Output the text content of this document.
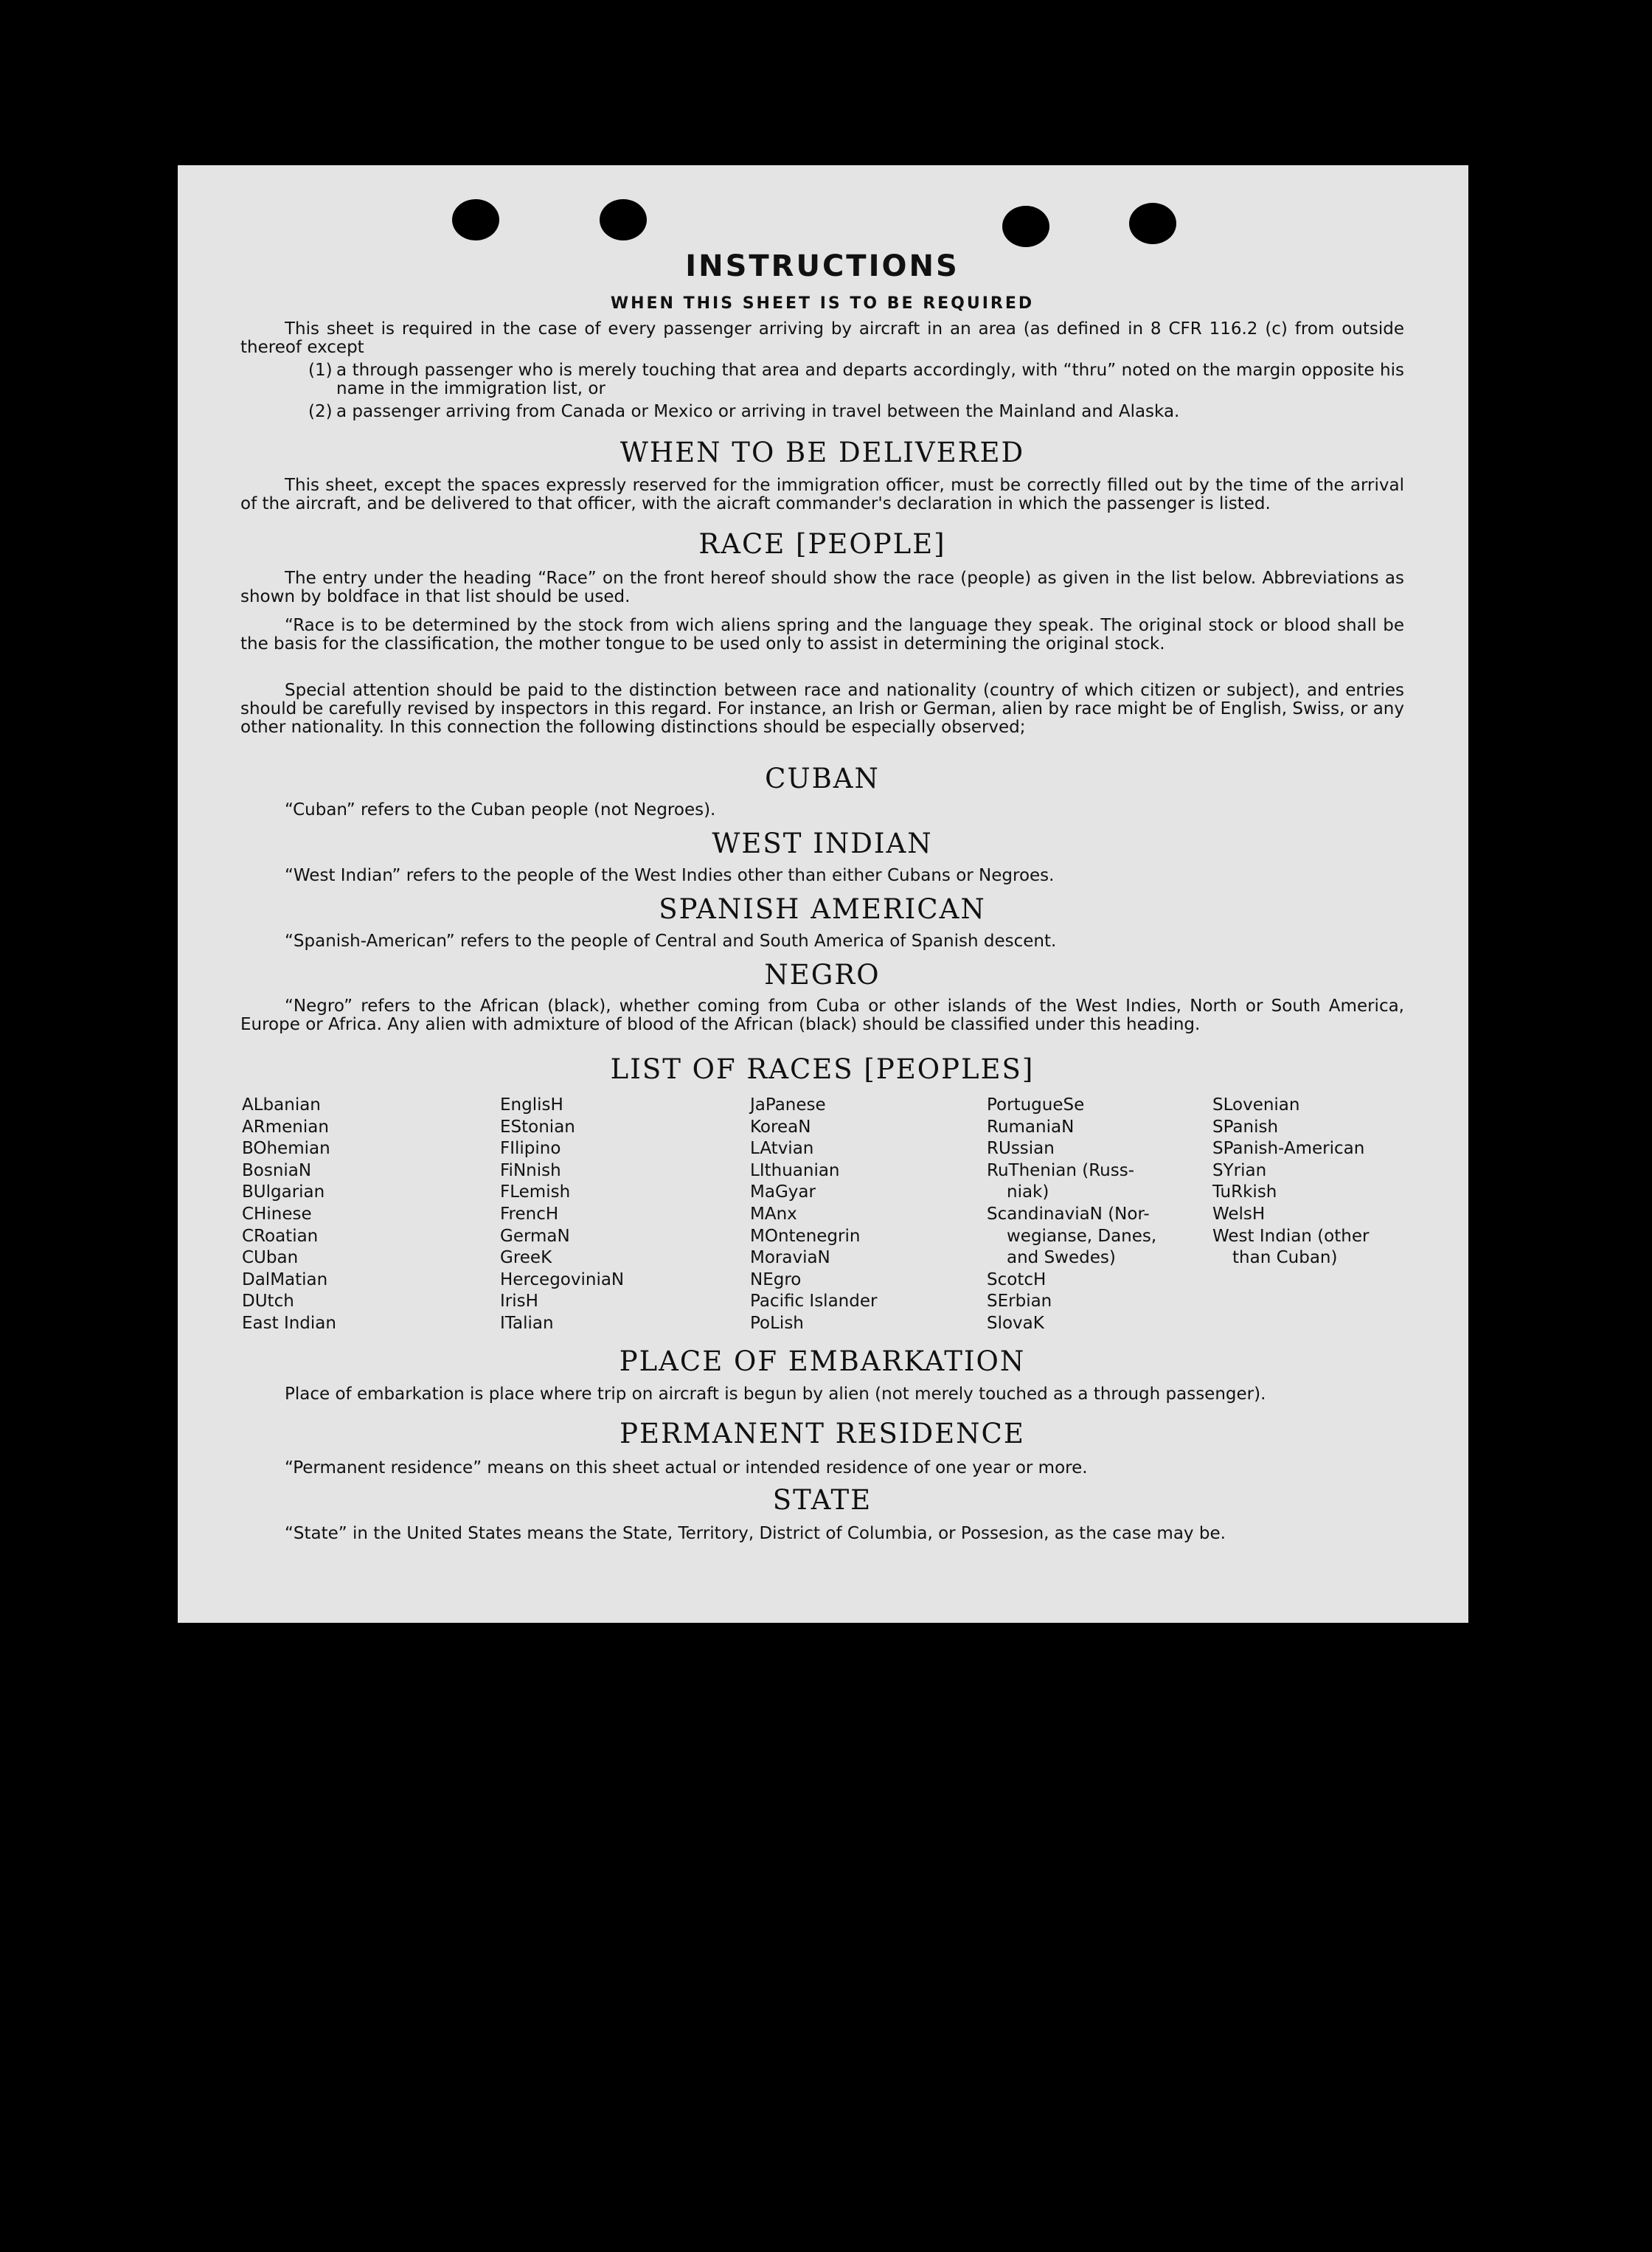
INSTRUCTIONS
WHEN THIS SHEET IS TO BE REQUIRED
This sheet is required in the case of every passenger arriving by aircraft in an area (as defined in 8 CFR 116.2 (c) from outside thereof except
(1) a through passenger who is merely touching that area and departs accordingly, with “thru” noted on the margin opposite his name in the immigration list, or
(2) a passenger arriving from Canada or Mexico or arriving in travel between the Mainland and Alaska.
WHEN TO BE DELIVERED
This sheet, except the spaces expressly reserved for the immigration officer, must be correctly filled out by the time of the arrival of the aircraft, and be delivered to that officer, with the aicraft commander's declaration in which the passenger is listed.
RACE [PEOPLE]
The entry under the heading “Race” on the front hereof should show the race (people) as given in the list below. Abbreviations as shown by boldface in that list should be used.
“Race is to be determined by the stock from wich aliens spring and the language they speak. The original stock or blood shall be the basis for the classification, the mother tongue to be used only to assist in determining the original stock.
Special attention should be paid to the distinction between race and nationality (country of which citizen or subject), and entries should be carefully revised by inspectors in this regard. For instance, an Irish or German, alien by race might be of English, Swiss, or any other nationality. In this connection the following distinctions should be especially observed;
CUBAN
“Cuban” refers to the Cuban people (not Negroes).
WEST INDIAN
“West Indian” refers to the people of the West Indies other than either Cubans or Negroes.
SPANISH AMERICAN
“Spanish-American” refers to the people of Central and South America of Spanish descent.
NEGRO
“Negro” refers to the African (black), whether coming from Cuba or other islands of the West Indies, North or South America, Europe or Africa. Any alien with admixture of blood of the African (black) should be classified under this heading.
LIST OF RACES [PEOPLES]
ALbanian
ARmenian
BOhemian
BosniaN
BUlgarian
CHinese
CRoatian
CUban
DalMatian
DUtch
East Indian
EnglisH
EStonian
FIlipino
FiNnish
FLemish
FrencH
GermaN
GreeK
HercegoviniaN
IrisH
ITalian
JaPanese
KoreaN
LAtvian
LIthuanian
MaGyar
MAnx
MOntenegrin
MoraviaN
NEgro
Pacific Islander
PoLish
PortugueSe
RumaniaN
RUssian
RuThenian (Russ-
niak)
ScandinaviaN (Nor-
wegianse, Danes,
and Swedes)
ScotcH
SErbian
SlovaK
SLovenian
SPanish
SPanish-American
SYrian
TuRkish
WelsH
West Indian (other
than Cuban)
PLACE OF EMBARKATION
Place of embarkation is place where trip on aircraft is begun by alien (not merely touched as a through passenger).
PERMANENT RESIDENCE
“Permanent residence” means on this sheet actual or intended residence of one year or more.
STATE
“State” in the United States means the State, Territory, District of Columbia, or Possesion, as the case may be.
